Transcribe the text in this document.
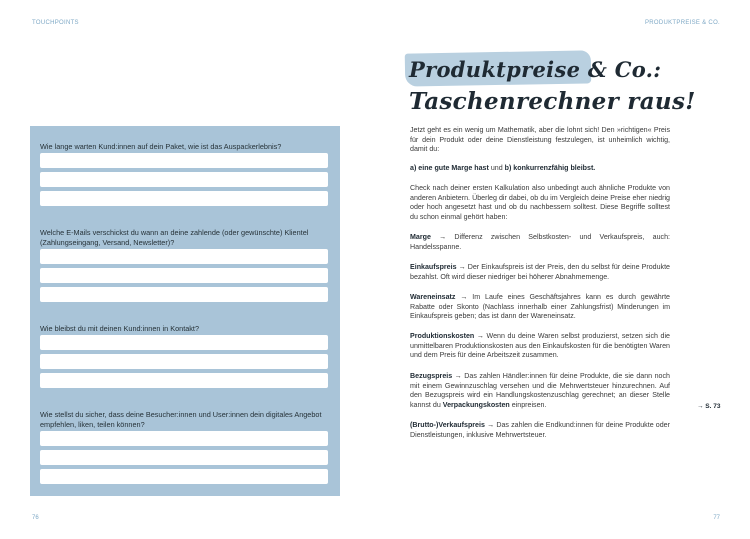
TOUCHPOINTS	PRODUKTPREISE & CO.
Wie lange warten Kund:innen auf dein Paket, wie ist das Auspackerlebnis?
Welche E-Mails verschickst du wann an deine zahlende (oder gewünschte) Klientel (Zahlungseingang, Versand, Newsletter)?
Wie bleibst du mit deinen Kund:innen in Kontakt?
Wie stellst du sicher, dass deine Besucher:innen und User:innen dein digitales Angebot empfehlen, liken, teilen können?
Produktpreise & Co.:
Taschenrechner raus!
Jetzt geht es ein wenig um Mathematik, aber die lohnt sich! Den »richtigen« Preis für dein Produkt oder deine Dienstleistung festzulegen, ist unheimlich wichtig, damit du:
a) eine gute Marge hast und b) konkurrenzfähig bleibst.
Check nach deiner ersten Kalkulation also unbedingt auch ähnliche Produkte von anderen Anbietern. Überleg dir dabei, ob du im Vergleich deine Preise eher niedrig oder hoch angesetzt hast und ob du nachbessern solltest. Diese Begriffe solltest du schon einmal gehört haben:
Marge → Differenz zwischen Selbstkosten- und Verkaufspreis, auch: Handelsspanne.
Einkaufspreis → Der Einkaufspreis ist der Preis, den du selbst für deine Produkte bezahlst. Oft wird dieser niedriger bei höherer Abnahmemenge.
Wareneinsatz → Im Laufe eines Geschäftsjahres kann es durch gewährte Rabatte oder Skonto (Nachlass innerhalb einer Zahlungsfrist) Minderungen im Einkaufspreis geben; das ist dann der Wareneinsatz.
Produktionskosten → Wenn du deine Waren selbst produzierst, setzen sich die unmittelbaren Produktionskosten aus den Einkaufskosten für die benötigten Waren und dem Preis für deine Arbeitszeit zusammen.
Bezugspreis → Das zahlen Händler:innen für deine Produkte, die sie dann noch mit einem Gewinnzuschlag versehen und die Mehrwertsteuer hinzurechnen. Auf den Bezugspreis wird ein Handlungskostenzuschlag gerechnet; an dieser Stelle kannst du Verpackungskosten einpreisen.
(Brutto-)Verkaufspreis → Das zahlen die Endkund:innen für deine Produkte oder Dienstleistungen, inklusive Mehrwertsteuer.
→ S. 73
76	77
